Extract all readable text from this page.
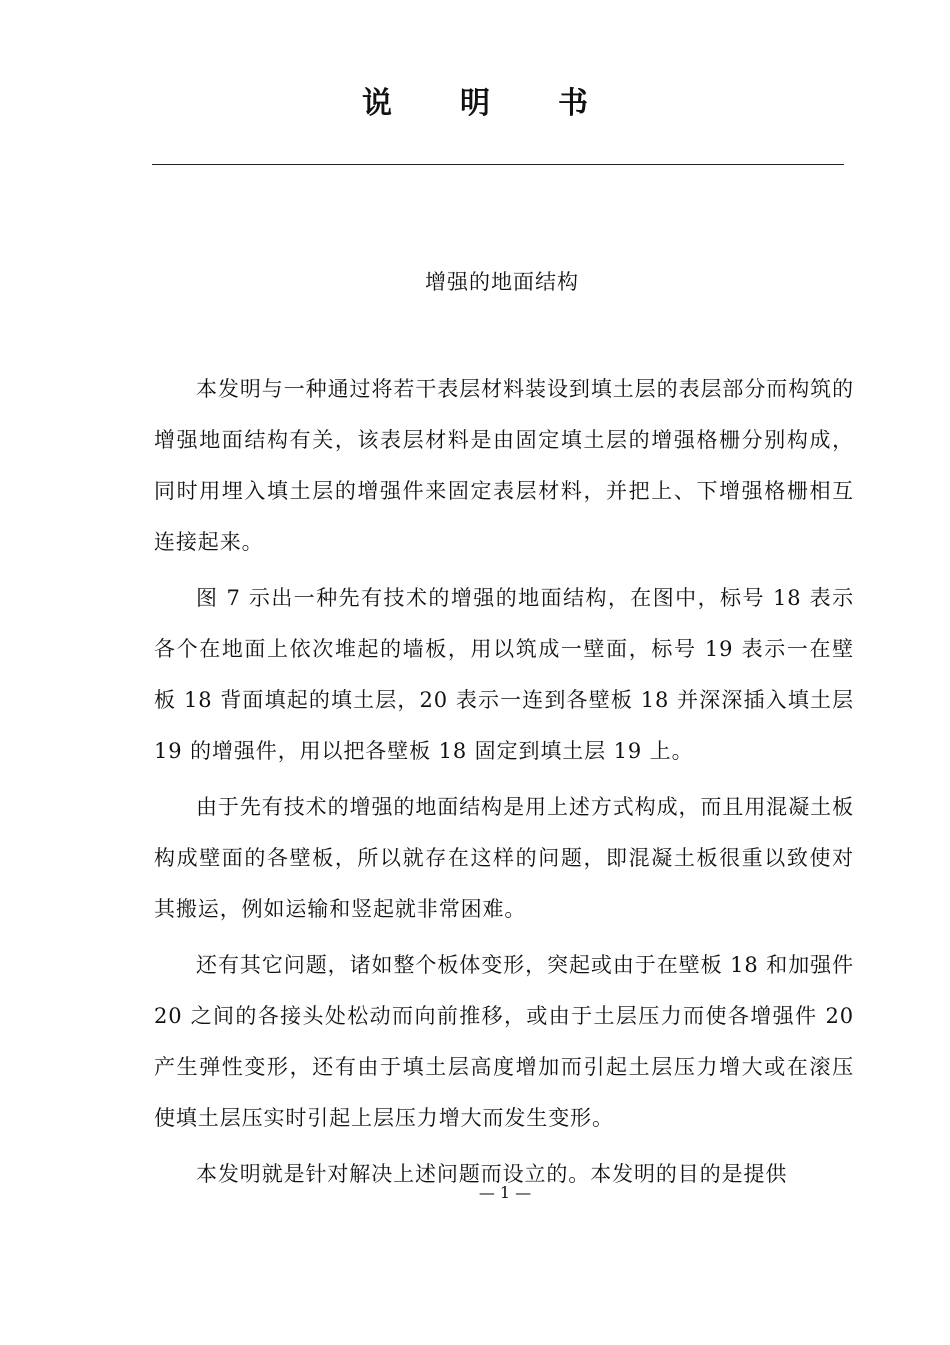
说 明 书
增强的地面结构

本发明与一种通过将若干表层材料装设到填土层的表层部分而构筑的增强地面结构有关，该表层材料是由固定填土层的增强格栅分别构成，同时用埋入填土层的增强件来固定表层材料，并把上、下增强格栅相互连接起来。

图 7 示出一种先有技术的增强的地面结构，在图中，标号 18 表示各个在地面上依次堆起的墙板，用以筑成一壁面，标号 19 表示一在壁板 18 背面填起的填土层，20 表示一连到各壁板 18 并深深插入填土层 19 的增强件，用以把各壁板 18 固定到填土层 19 上。

由于先有技术的增强的地面结构是用上述方式构成，而且用混凝土板构成壁面的各壁板，所以就存在这样的问题，即混凝土板很重以致使对其搬运，例如运输和竖起就非常困难。

还有其它问题，诸如整个板体变形，突起或由于在壁板 18 和加强件 20 之间的各接头处松动而向前推移，或由于土层压力而使各增强件 20 产生弹性变形，还有由于填土层高度增加而引起土层压力增大或在滚压使填土层压实时引起上层压力增大而发生变形。

本发明就是针对解决上述问题而设立的。本发明的目的是提供

— 1 —
